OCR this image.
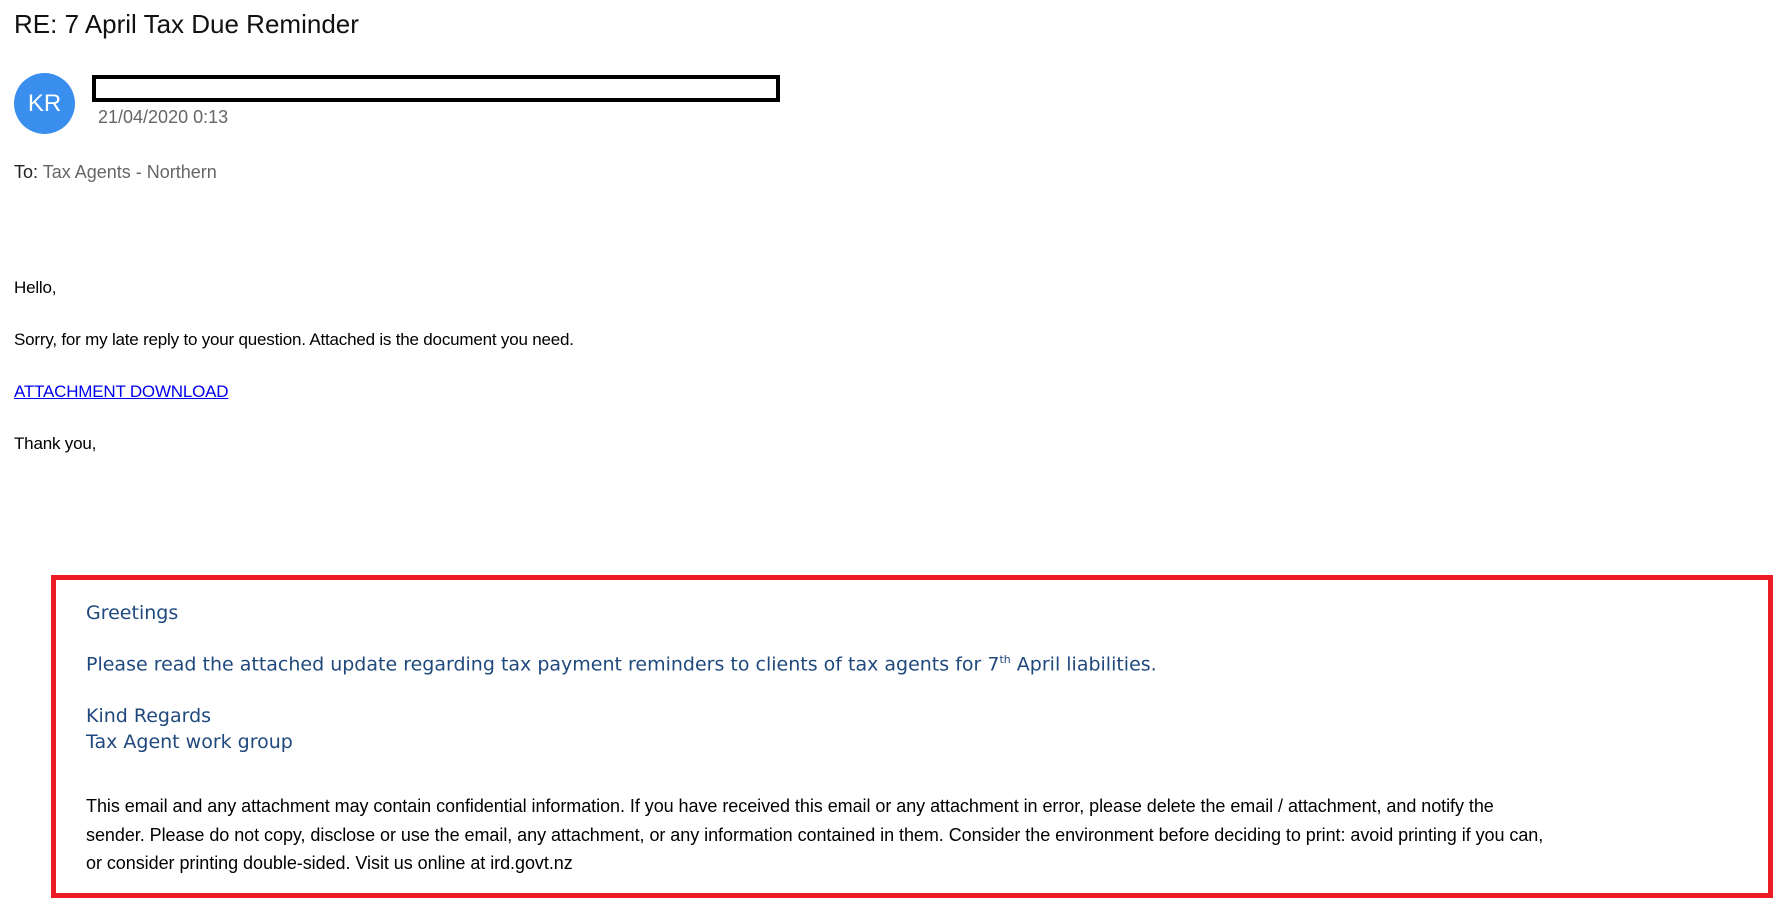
RE: 7 April Tax Due Reminder
KR
21/04/2020 0:13
To: Tax Agents - Northern
Hello,
Sorry, for my late reply to your question. Attached is the document you need.
ATTACHMENT DOWNLOAD
Thank you,
Greetings
Please read the attached update regarding tax payment reminders to clients of tax agents for 7th April liabilities.
Kind Regards
Tax Agent work group
This email and any attachment may contain confidential information. If you have received this email or any attachment in error, please delete the email / attachment, and notify the
sender. Please do not copy, disclose or use the email, any attachment, or any information contained in them. Consider the environment before deciding to print: avoid printing if you can,
or consider printing double-sided. Visit us online at ird.govt.nz
